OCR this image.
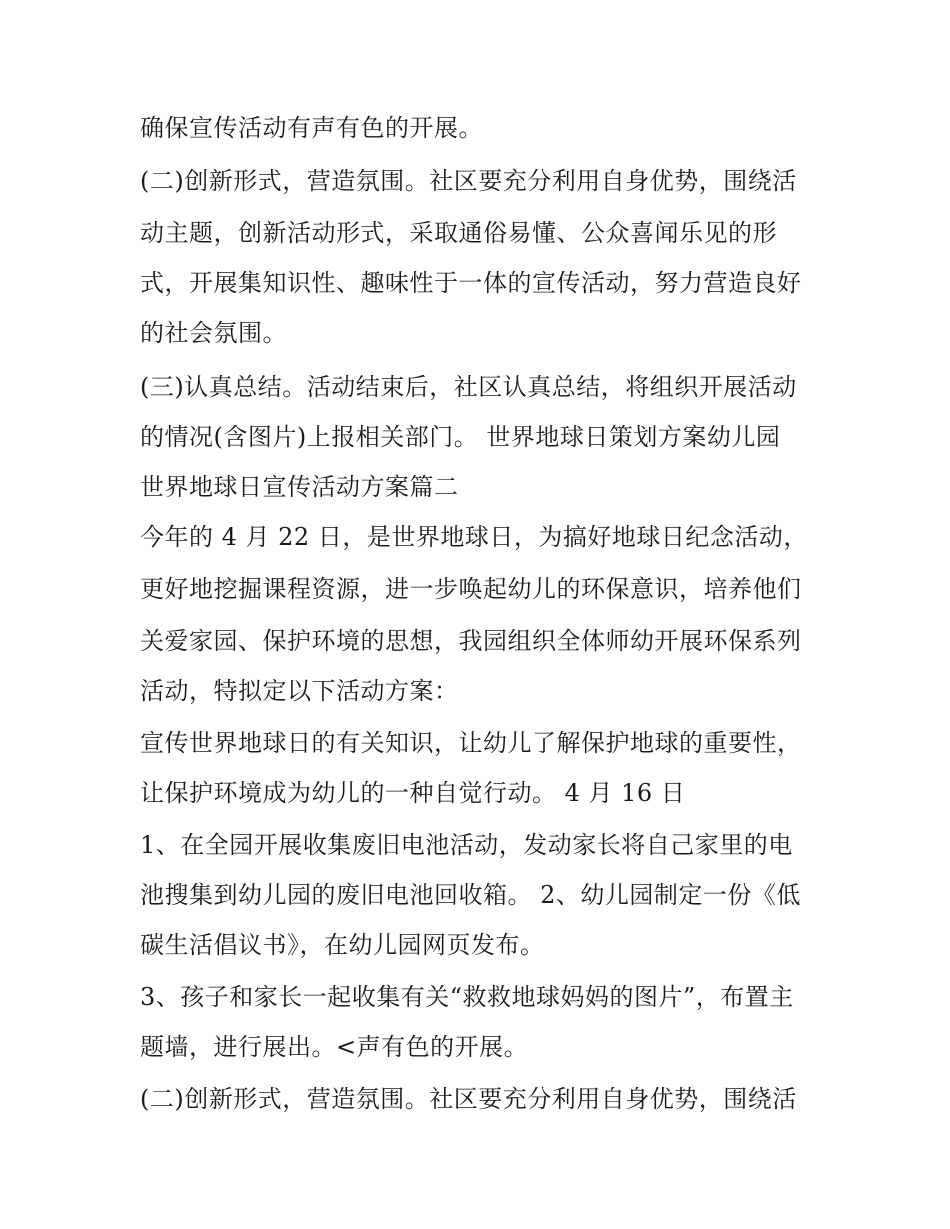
确保宣传活动有声有色的开展。
(二)创新形式，营造氛围。社区要充分利用自身优势，围绕活
动主题，创新活动形式，采取通俗易懂、公众喜闻乐见的形
式，开展集知识性、趣味性于一体的宣传活动，努力营造良好
的社会氛围。
(三)认真总结。活动结束后，社区认真总结，将组织开展活动
的情况(含图片)上报相关部门。 世界地球日策划方案幼儿园
世界地球日宣传活动方案篇二
今年的 4 月 22 日，是世界地球日，为搞好地球日纪念活动，
更好地挖掘课程资源，进一步唤起幼儿的环保意识，培养他们
关爱家园、保护环境的思想，我园组织全体师幼开展环保系列
活动，特拟定以下活动方案：
宣传世界地球日的有关知识，让幼儿了解保护地球的重要性，
让保护环境成为幼儿的一种自觉行动。 4 月 16 日
1、在全园开展收集废旧电池活动，发动家长将自己家里的电
池搜集到幼儿园的废旧电池回收箱。 2、幼儿园制定一份《低
碳生活倡议书》，在幼儿园网页发布。
3、孩子和家长一起收集有关“救救地球妈妈的图片”，布置主
题墙，进行展出。<声有色的开展。
(二)创新形式，营造氛围。社区要充分利用自身优势，围绕活
